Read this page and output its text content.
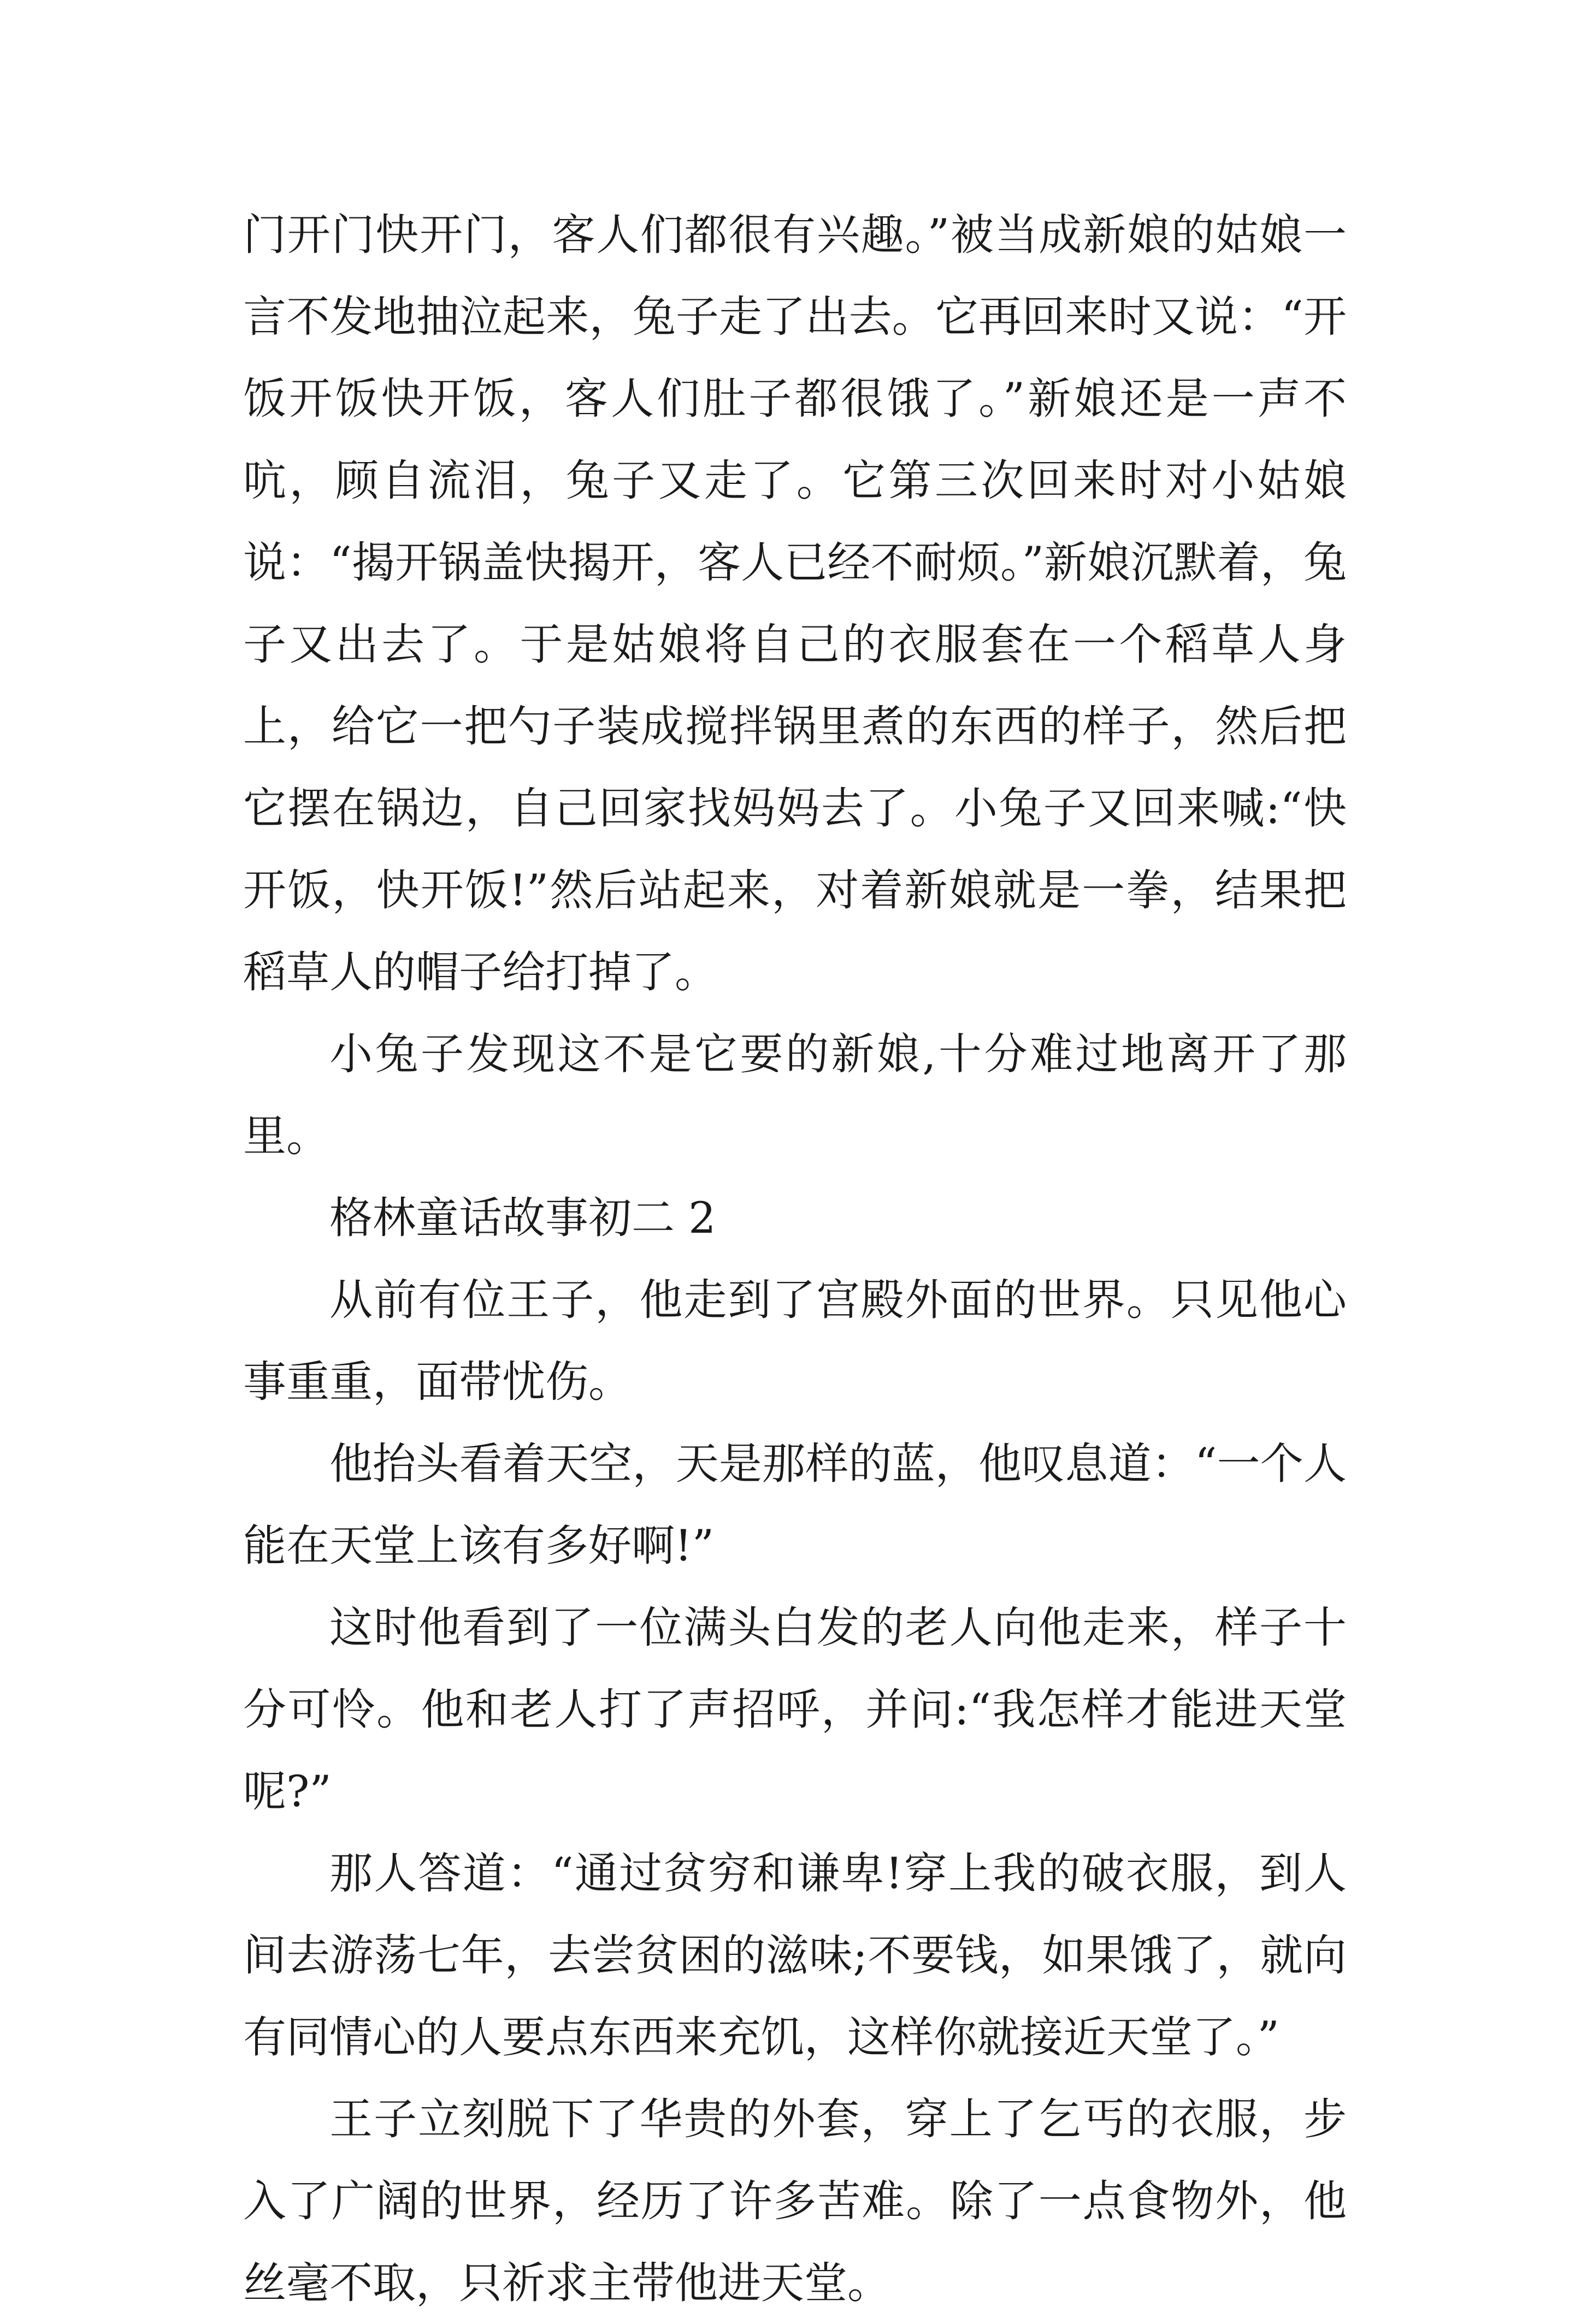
门开门快开门，客人们都很有兴趣。”被当成新娘的姑娘一言不发地抽泣起来，兔子走了出去。它再回来时又说：“开饭开饭快开饭，客人们肚子都很饿了。”新娘还是一声不吭，顾自流泪，兔子又走了。它第三次回来时对小姑娘说：“揭开锅盖快揭开，客人已经不耐烦。”新娘沉默着，兔子又出去了。于是姑娘将自己的衣服套在一个稻草人身上，给它一把勺子装成搅拌锅里煮的东西的样子，然后把它摆在锅边，自己回家找妈妈去了。小兔子又回来喊:“快开饭，快开饭!”然后站起来，对着新娘就是一拳，结果把稻草人的帽子给打掉了。

小兔子发现这不是它要的新娘,十分难过地离开了那里。

格林童话故事初二 2

从前有位王子，他走到了宫殿外面的世界。只见他心事重重，面带忧伤。

他抬头看着天空，天是那样的蓝，他叹息道：“一个人能在天堂上该有多好啊!”

这时他看到了一位满头白发的老人向他走来，样子十分可怜。他和老人打了声招呼，并问:“我怎样才能进天堂呢?”

那人答道：“通过贫穷和谦卑!穿上我的破衣服，到人间去游荡七年，去尝贫困的滋味;不要钱，如果饿了，就向有同情心的人要点东西来充饥，这样你就接近天堂了。”

王子立刻脱下了华贵的外套，穿上了乞丐的衣服，步入了广阔的世界，经历了许多苦难。除了一点食物外，他丝毫不取，只祈求主带他进天堂。
